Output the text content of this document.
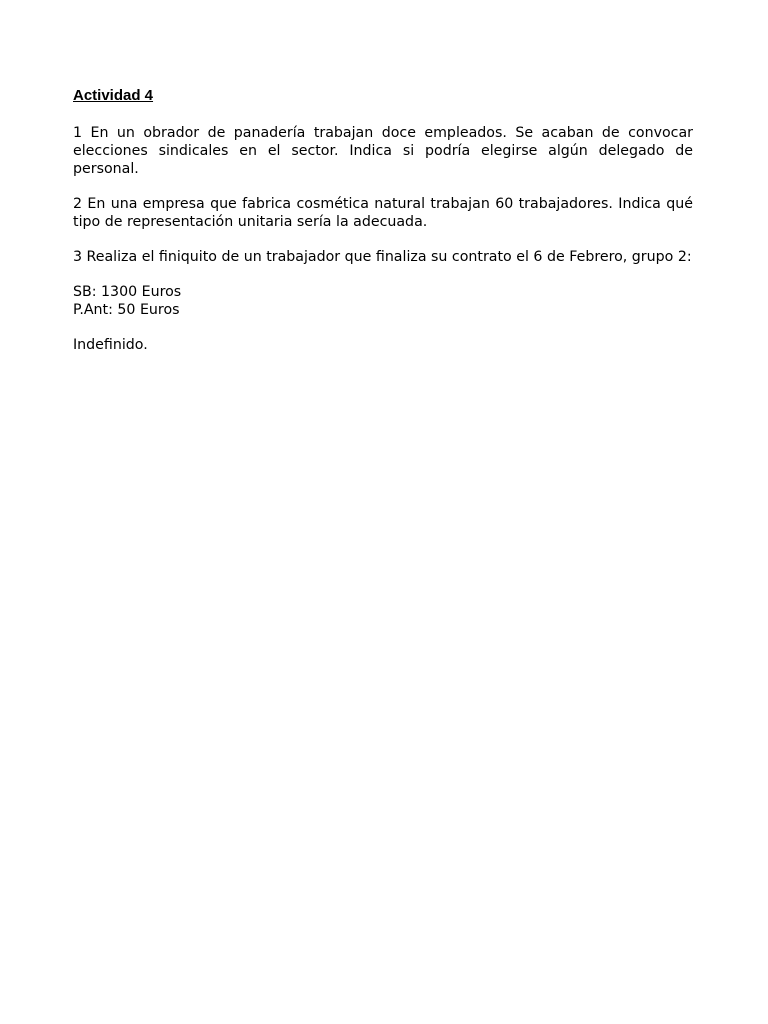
Actividad 4

1 En un obrador de panadería trabajan doce empleados. Se acaban de convocar elecciones sindicales en el sector. Indica si podría elegirse algún delegado de personal.

2 En una empresa que fabrica cosmética natural trabajan 60 trabajadores. Indica qué tipo de representación unitaria sería la adecuada.

3 Realiza el finiquito de un trabajador que finaliza su contrato el 6 de Febrero, grupo 2:

SB: 1300 Euros

P.Ant: 50 Euros

Indefinido.
